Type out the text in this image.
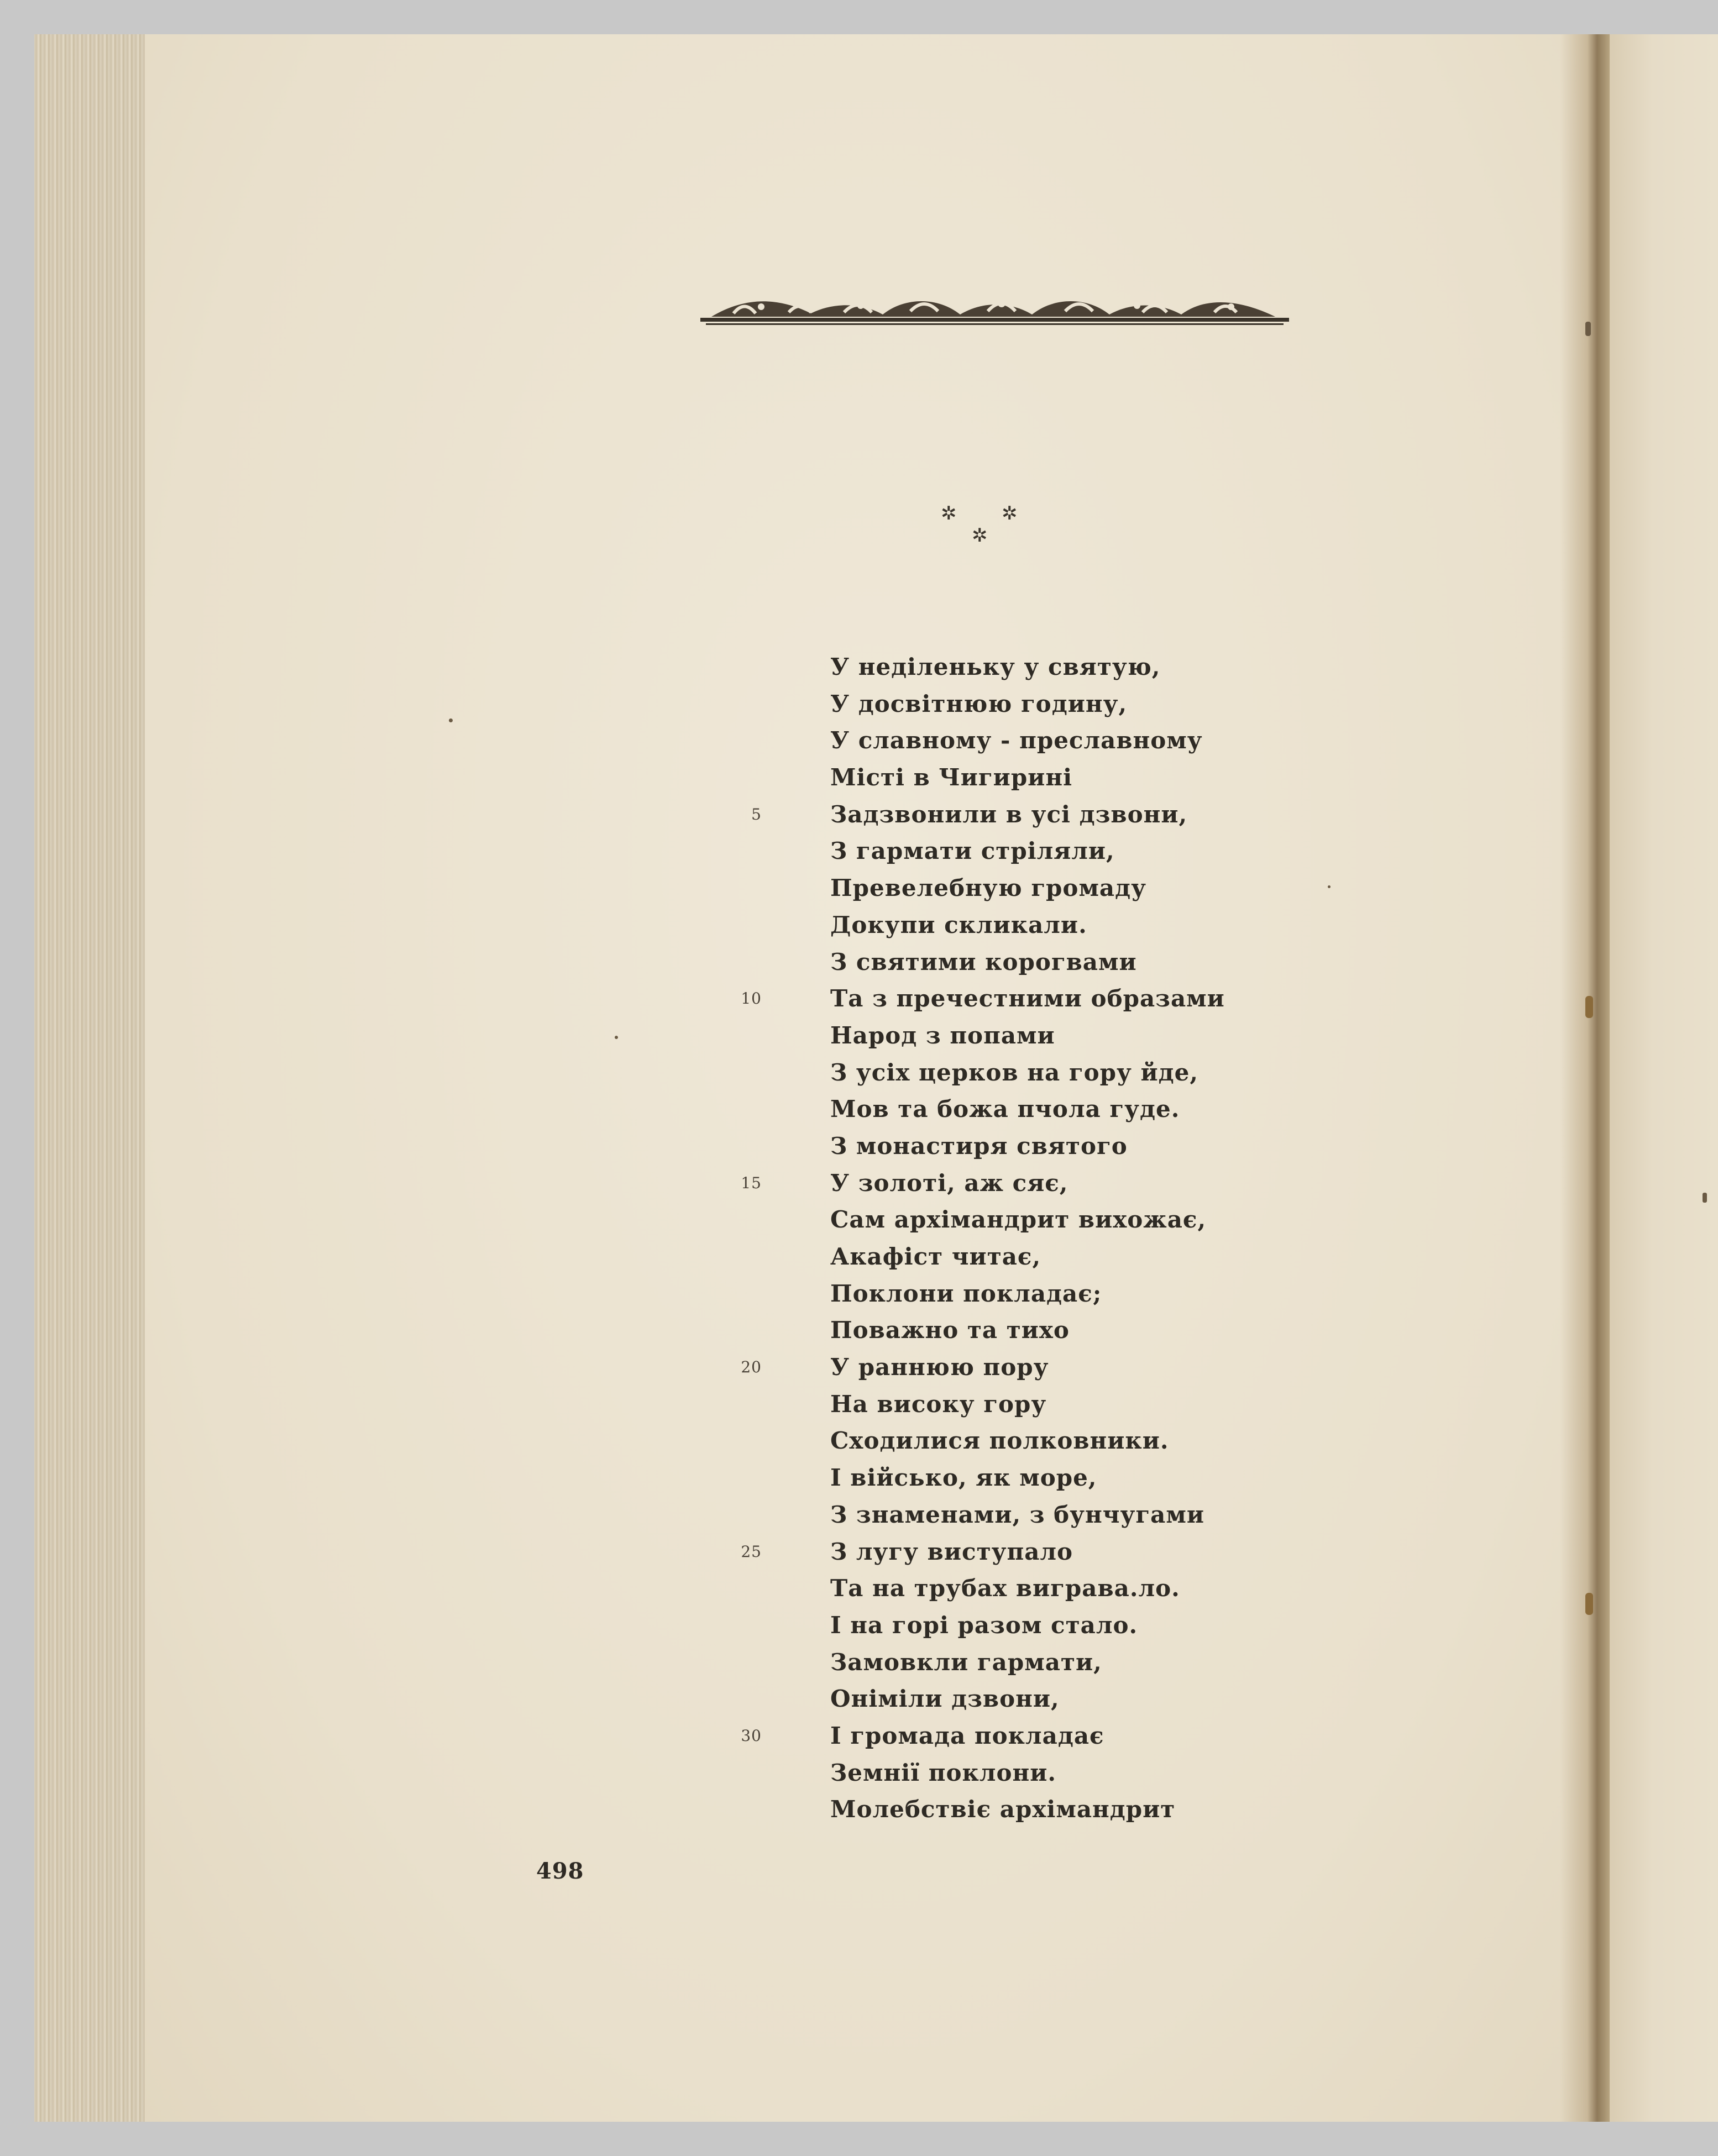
✲ ✲
✲
У неділеньку у святую,
У досвітнюю годину,
У славному - преславному
Місті в Чигирині
5	Задзвонили в усі дзвони,
З гармати стріляли,
Превелебную громаду
Докупи скликали.
З святими корогвами
10	Та з пречестними образами
Народ з попами
З усіх церков на гору йде,
Мов та божа пчола гуде.
З монастиря святого
15	У золоті, аж сяє,
Сам архімандрит вихожає,
Акафіст читає,
Поклони покладає;
Поважно та тихо
20	У раннюю пору
На високу гору
Сходилися полковники.
І військо, як море,
З знаменами, з бунчугами
25	З лугу виступало
Та на трубах виграва.ло.
І на горі разом стало.
Замовкли гармати,
Оніміли дзвони,
30	І громада покладає
Земнії поклони.
Молебствіє архімандрит
498
